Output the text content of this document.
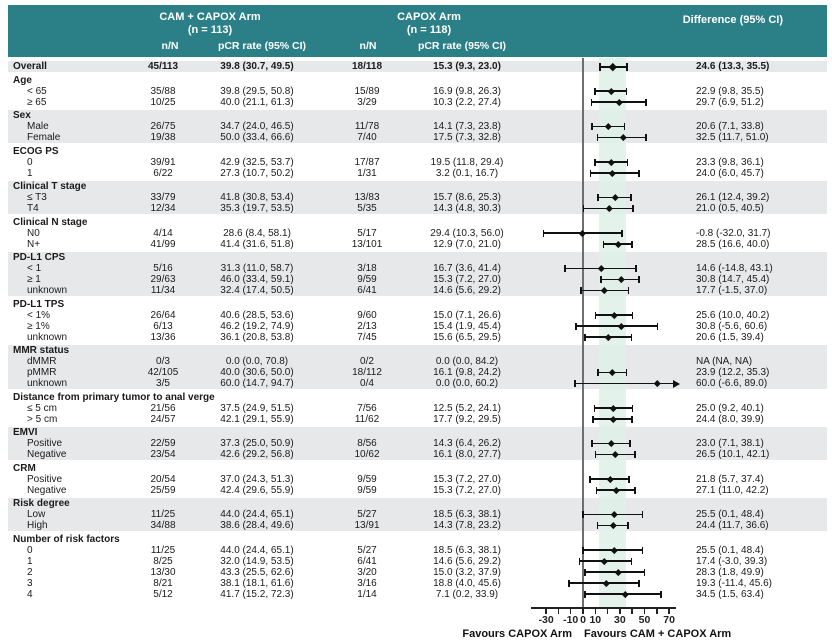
CAM + CAPOX Arm
(n = 113)
CAPOX Arm
(n = 118)
Difference (95% CI)
n/N	pCR rate (95% CI)	n/N	pCR rate (95% CI)
Overall	45/113	39.8 (30.7, 49.5)	18/118	15.3 (9.3, 23.0)	24.6 (13.3, 35.5)
Age
< 65	35/88	39.8 (29.5, 50.8)	15/89	16.9 (9.8, 26.3)	22.9 (9.8, 35.5)
≥ 65	10/25	40.0 (21.1, 61.3)	3/29	10.3 (2.2, 27.4)	29.7 (6.9, 51.2)
Sex
Male	26/75	34.7 (24.0, 46.5)	11/78	14.1 (7.3, 23.8)	20.6 (7.1, 33.8)
Female	19/38	50.0 (33.4, 66.6)	7/40	17.5 (7.3, 32.8)	32.5 (11.7, 51.0)
ECOG PS
0	39/91	42.9 (32.5, 53.7)	17/87	19.5 (11.8, 29.4)	23.3 (9.8, 36.1)
1	6/22	27.3 (10.7, 50.2)	1/31	3.2 (0.1, 16.7)	24.0 (6.0, 45.7)
Clinical T stage
≤ T3	33/79	41.8 (30.8, 53.4)	13/83	15.7 (8.6, 25.3)	26.1 (12.4, 39.2)
T4	12/34	35.3 (19.7, 53.5)	5/35	14.3 (4.8, 30.3)	21.0 (0.5, 40.5)
Clinical N stage
N0	4/14	28.6 (8.4, 58.1)	5/17	29.4 (10.3, 56.0)	-0.8 (-32.0, 31.7)
N+	41/99	41.4 (31.6, 51.8)	13/101	12.9 (7.0, 21.0)	28.5 (16.6, 40.0)
PD-L1 CPS
< 1	5/16	31.3 (11.0, 58.7)	3/18	16.7 (3.6, 41.4)	14.6 (-14.8, 43.1)
≥ 1	29/63	46.0 (33.4, 59.1)	9/59	15.3 (7.2, 27.0)	30.8 (14.7, 45.4)
unknown	11/34	32.4 (17.4, 50.5)	6/41	14.6 (5.6, 29.2)	17.7 (-1.5, 37.0)
PD-L1 TPS
< 1%	26/64	40.6 (28.5, 53.6)	9/60	15.0 (7.1, 26.6)	25.6 (10.0, 40.2)
≥ 1%	6/13	46.2 (19.2, 74.9)	2/13	15.4 (1.9, 45.4)	30.8 (-5.6, 60.6)
unknown	13/36	36.1 (20.8, 53.8)	7/45	15.6 (6.5, 29.5)	20.6 (1.5, 39.4)
MMR status
dMMR	0/3	0.0 (0.0, 70.8)	0/2	0.0 (0.0, 84.2)	NA (NA, NA)
pMMR	42/105	40.0 (30.6, 50.0)	18/112	16.1 (9.8, 24.2)	23.9 (12.2, 35.3)
unknown	3/5	60.0 (14.7, 94.7)	0/4	0.0 (0.0, 60.2)	60.0 (-6.6, 89.0)
Distance from primary tumor to anal verge
≤ 5 cm	21/56	37.5 (24.9, 51.5)	7/56	12.5 (5.2, 24.1)	25.0 (9.2, 40.1)
> 5 cm	24/57	42.1 (29.1, 55.9)	11/62	17.7 (9.2, 29.5)	24.4 (8.0, 39.9)
EMVI
Positive	22/59	37.3 (25.0, 50.9)	8/56	14.3 (6.4, 26.2)	23.0 (7.1, 38.1)
Negative	23/54	42.6 (29.2, 56.8)	10/62	16.1 (8.0, 27.7)	26.5 (10.1, 42.1)
CRM
Positive	20/54	37.0 (24.3, 51.3)	9/59	15.3 (7.2, 27.0)	21.8 (5.7, 37.4)
Negative	25/59	42.4 (29.6, 55.9)	9/59	15.3 (7.2, 27.0)	27.1 (11.0, 42.2)
Risk degree
Low	11/25	44.0 (24.4, 65.1)	5/27	18.5 (6.3, 38.1)	25.5 (0.1, 48.4)
High	34/88	38.6 (28.4, 49.6)	13/91	14.3 (7.8, 23.2)	24.4 (11.7, 36.6)
Number of risk factors
0	11/25	44.0 (24.4, 65.1)	5/27	18.5 (6.3, 38.1)	25.5 (0.1, 48.4)
1	8/25	32.0 (14.9, 53.5)	6/41	14.6 (5.6, 29.2)	17.4 (-3.0, 39.3)
2	13/30	43.3 (25.5, 62.6)	3/20	15.0 (3.2, 37.9)	28.3 (1.8, 49.9)
3	8/21	38.1 (18.1, 61.6)	3/16	18.8 (4.0, 45.6)	19.3 (-11.4, 45.6)
4	5/12	41.7 (15.2, 72.3)	1/14	7.1 (0.2, 33.9)	34.5 (1.5, 63.4)
-30 -10 0 10	30	50	70
Favours CAPOX Arm Favours CAM + CAPOX Arm
